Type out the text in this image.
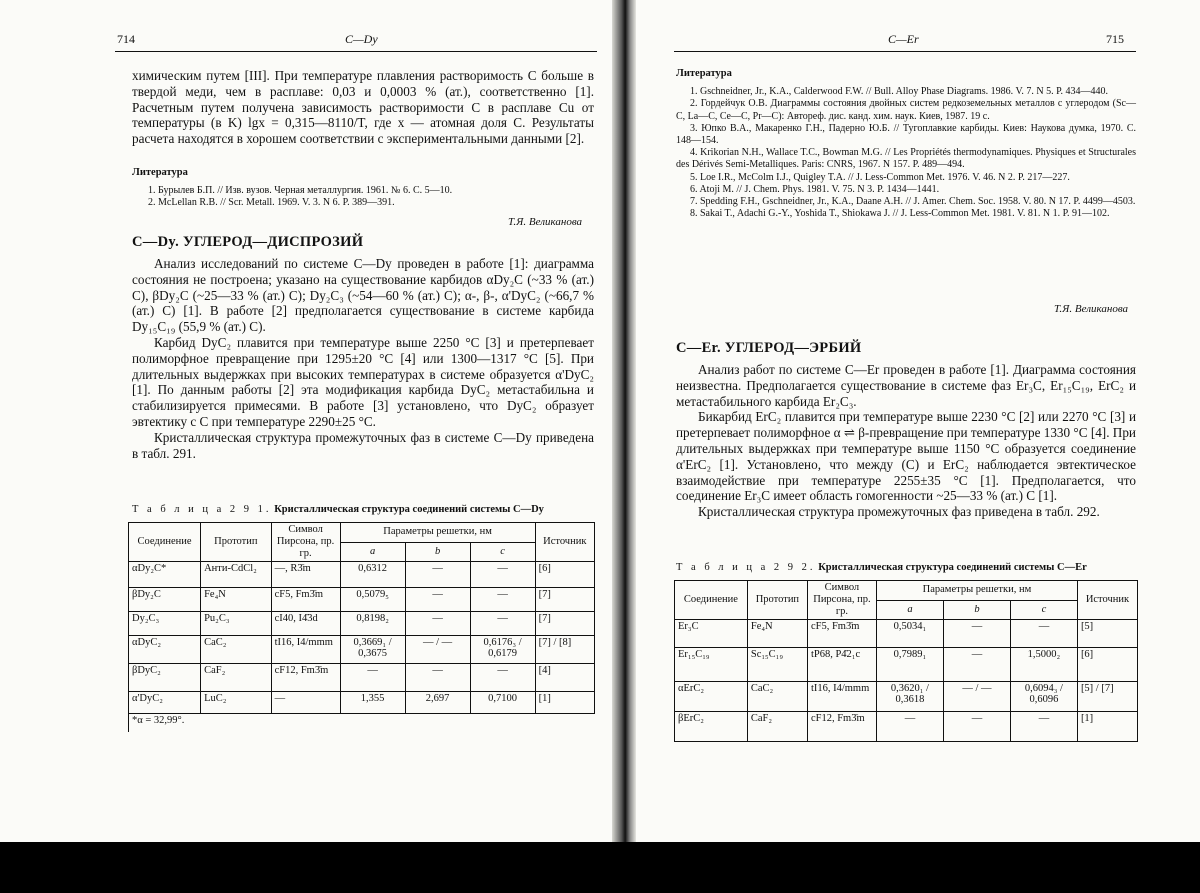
714	C—Dy

химическим путем [III]. При температуре плавления растворимость C больше в твердой меди, чем в расплаве: 0,03 и 0,0003 % (ат.), соответственно [1]. Расчетным путем получена зависимость растворимости C в расплаве Cu от температуры (в K) lgx = 0,315—8110/T, где x — атомная доля C. Результаты расчета находятся в хорошем соответствии с экспериментальными данными [2].

Литература

1. Бурылев Б.П. // Изв. вузов. Черная металлургия. 1961. № 6. С. 5—10.

2. McLellan R.B. // Scr. Metall. 1969. V. 3. N 6. P. 389—391.

Т.Я. Великанова
C—Dy. УГЛЕРОД—ДИСПРОЗИЙ

Анализ исследований по системе C—Dy проведен в работе [1]: диаграмма состояния не построена; указано на существование карбидов αDy₂C (~33 % (ат.) C), βDy₂C (~25—33 % (ат.) C); Dy₂C₃ (~54—60 % (ат.) C); α-, β-, α'DyC₂ (~66,7 % (ат.) C) [1]. В работе [2] предполагается существование в системе карбида Dy₁₅C₁₉ (55,9 % (ат.) C).

Карбид DyC₂ плавится при температуре выше 2250 °C [3] и претерпевает полиморфное превращение при 1295±20 °C [4] или 1300—1317 °C [5]. При длительных выдержках при высоких температурах в системе образуется α'DyC₂ [1]. По данным работы [2] эта модификация карбида DyC₂ метастабильна и стабилизируется примесями. В работе [3] установлено, что DyC₂ образует эвтектику с C при температуре 2290±25 °C.

Кристаллическая структура промежуточных фаз в системе C—Dy приведена в табл. 291.

Т а б л и ц а 2 9 1. Кристаллическая структура соединений системы C—Dy
Соединение	Прототип	Символ Пирсона, пр. гр.	Параметры решетки, нм			Источник
			a	b	c	
αDy₂C*	Анти-CdCl₂	—, R3̄m	0,6312	—	—	[6]
βDy₂C	Fe₄N	cF5, Fm3̄m	0,5079₅	—	—	[7]
Dy₂C₃	Pu₂C₃	cI40, I4̄3d	0,8198₂	—	—	[7]
αDyC₂	CaC₂	tI16, I4/mmm	0,3669₁ / 0,3675	— / —	0,6176₃ / 0,6179	[7] / [8]
βDyC₂	CaF₂	cF12, Fm3̄m	—	—	—	[4]
α'DyC₂	LuC₂	—	1,355	2,697	0,7100	[1]
*α = 32,99°.						
C—Er	715

Литература

1. Gschneidner, Jr., K.A., Calderwood F.W. // Bull. Alloy Phase Diagrams. 1986. V. 7. N 5. P. 434—440.

2. Гордейчук О.В. Диаграммы состояния двойных систем редкоземельных металлов с углеродом (Sc—C, La—C, Ce—C, Pr—C): Автореф. дис. канд. хим. наук. Киев, 1987. 19 с.

3. Юпко В.А., Макаренко Г.Н., Падерно Ю.Б. // Тугоплавкие карбиды. Киев: Наукова думка, 1970. С. 148—154.

4. Krikorian N.H., Wallace T.C., Bowman M.G. // Les Propriétés thermodynamiques. Physiques et Structurales des Dérivés Semi-Metalliques. Paris: CNRS, 1967. N 157. P. 489—494.

5. Loe I.R., McColm I.J., Quigley T.A. // J. Less-Common Met. 1976. V. 46. N 2. P. 217—227.

6. Atoji M. // J. Chem. Phys. 1981. V. 75. N 3. P. 1434—1441.

7. Spedding F.H., Gschneidner, Jr., K.A., Daane A.H. // J. Amer. Chem. Soc. 1958. V. 80. N 17. P. 4499—4503.

8. Sakai T., Adachi G.-Y., Yoshida T., Shiokawa J. // J. Less-Common Met. 1981. V. 81. N 1. P. 91—102.

Т.Я. Великанова
C—Er. УГЛЕРОД—ЭРБИЙ

Анализ работ по системе C—Er проведен в работе [1]. Диаграмма состояния неизвестна. Предполагается существование в системе фаз Er₃C, Er₁₅C₁₉, ErC₂ и метастабильного карбида Er₂C₃.

Бикарбид ErC₂ плавится при температуре выше 2230 °C [2] или 2270 °C [3] и претерпевает полиморфное α ⇌ β-превращение при температуре 1330 °C [4]. При длительных выдержках при температуре выше 1150 °C образуется соединение α'ErC₂ [1]. Установлено, что между (C) и ErC₂ наблюдается эвтектическое взаимодействие при температуре 2255±35 °C [1]. Предполагается, что соединение Er₃C имеет область гомогенности ~25—33 % (ат.) C [1].

Кристаллическая структура промежуточных фаз приведена в табл. 292.

Т а б л и ц а 2 9 2. Кристаллическая структура соединений системы C—Er
Соединение	Прототип	Символ Пирсона, пр. гр.	Параметры решетки, нм			Источник
			a	b	c	
Er₃C	Fe₄N	cF5, Fm3̄m	0,5034₁	—	—	[5]
Er₁₅C₁₉	Sc₁₅C₁₉	tP68, P4̄2₁c	0,7989₁	—	1,5000₂	[6]
αErC₂	CaC₂	tI16, I4/mmm	0,3620₁ / 0,3618	— / —	0,6094₃ / 0,6096	[5] / [7]
βErC₂	CaF₂	cF12, Fm3̄m	—	—	—	[1]
